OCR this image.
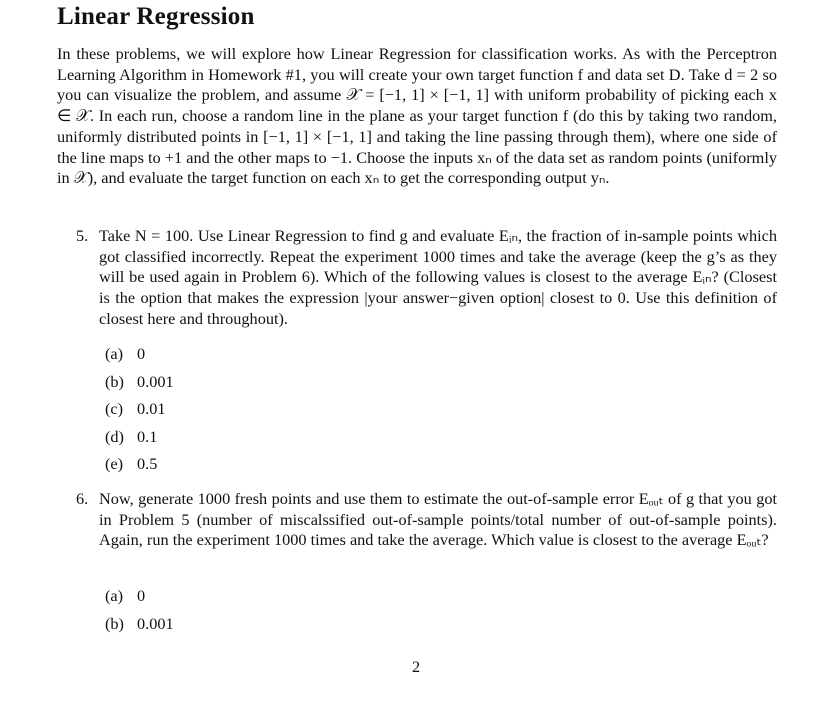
Linear Regression

In these problems, we will explore how Linear Regression for classification works. As with the Perceptron Learning Algorithm in Homework #1, you will create your own target function f and data set D. Take d = 2 so you can visualize the problem, and assume 𝒳 = [−1, 1] × [−1, 1] with uniform probability of picking each x ∈ 𝒳. In each run, choose a random line in the plane as your target function f (do this by taking two random, uniformly distributed points in [−1, 1] × [−1, 1] and taking the line passing through them), where one side of the line maps to +1 and the other maps to −1. Choose the inputs xₙ of the data set as random points (uniformly in 𝒳), and evaluate the target function on each xₙ to get the corresponding output yₙ.

5. Take N = 100. Use Linear Regression to find g and evaluate Eᵢₙ, the fraction of in-sample points which got classified incorrectly. Repeat the experiment 1000 times and take the average (keep the g’s as they will be used again in Problem 6). Which of the following values is closest to the average Eᵢₙ? (Closest is the option that makes the expression |your answer−given option| closest to 0. Use this definition of closest here and throughout).
(a) 0
(b) 0.001
(c) 0.01
(d) 0.1
(e) 0.5
6. Now, generate 1000 fresh points and use them to estimate the out-of-sample error Eₒᵤₜ of g that you got in Problem 5 (number of miscalssified out-of-sample points/total number of out-of-sample points). Again, run the experiment 1000 times and take the average. Which value is closest to the average Eₒᵤₜ?
(a) 0
(b) 0.001
2
